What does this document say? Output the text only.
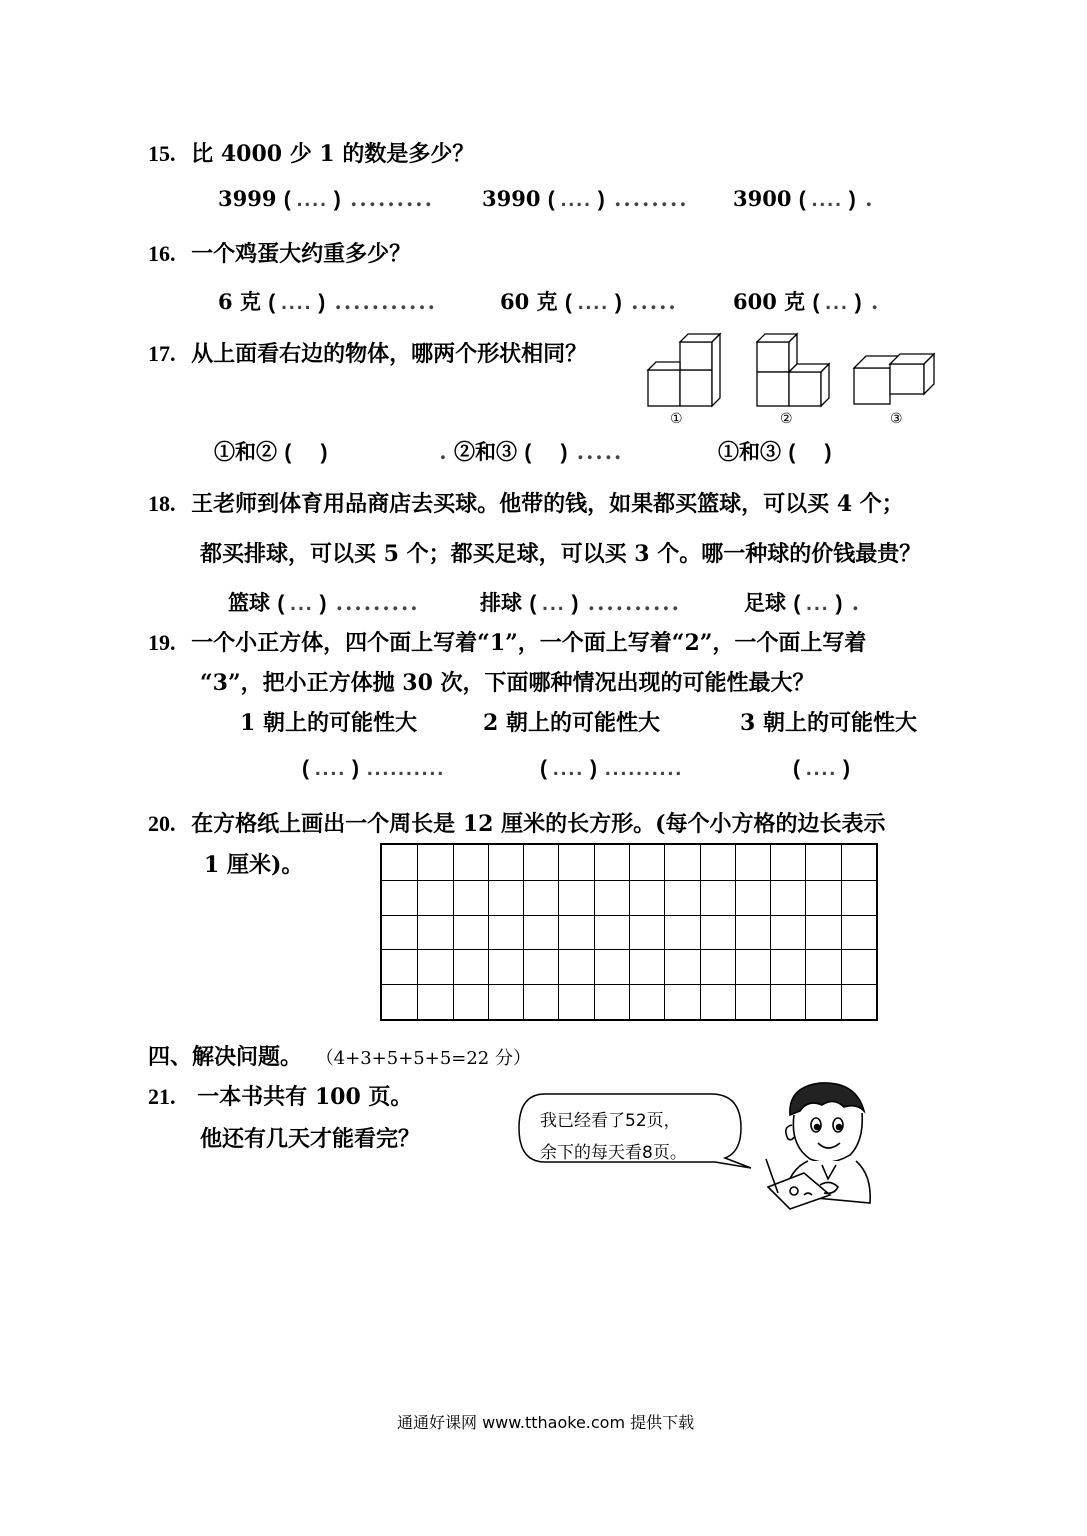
15. 比 4000 少 1 的数是多少？
3999 ( .... ) ......... 3990 ( .... ) ........ 3900 ( .... ) .
16. 一个鸡蛋大约重多少？
6 克 ( .... ) ...........	60 克 ( .... ) .....	600 克 ( ... ) .
17. 从上面看右边的物体，哪两个形状相同？
①	②	③
①和② (     )            . ②和③ (     ) .....	①和③ (     )
18. 王老师到体育用品商店去买球。他带的钱，如果都买篮球，可以买 4 个；
都买排球，可以买 5 个；都买足球，可以买 3 个。哪一种球的价钱最贵？
篮球 ( ... ) .........	排球 ( ... ) ..........	足球 ( ... ) .
19. 一个小正方体，四个面上写着“1”，一个面上写着“2”，一个面上写着
“3”，把小正方体抛 30 次，下面哪种情况出现的可能性最大？
1 朝上的可能性大	2 朝上的可能性大	3 朝上的可能性大
( .... ) ..........	( .... ) ..........	( .... )
20. 在方格纸上画出一个周长是 12 厘米的长方形。(每个小方格的边长表示
1 厘米)。
四、解决问题。 （4+3+5+5+5=22 分）
21. 一本书共有 100 页。
他还有几天才能看完？
我已经看了52页，
余下的每天看8页。
通通好课网 www.tthaoke.com 提供下载
